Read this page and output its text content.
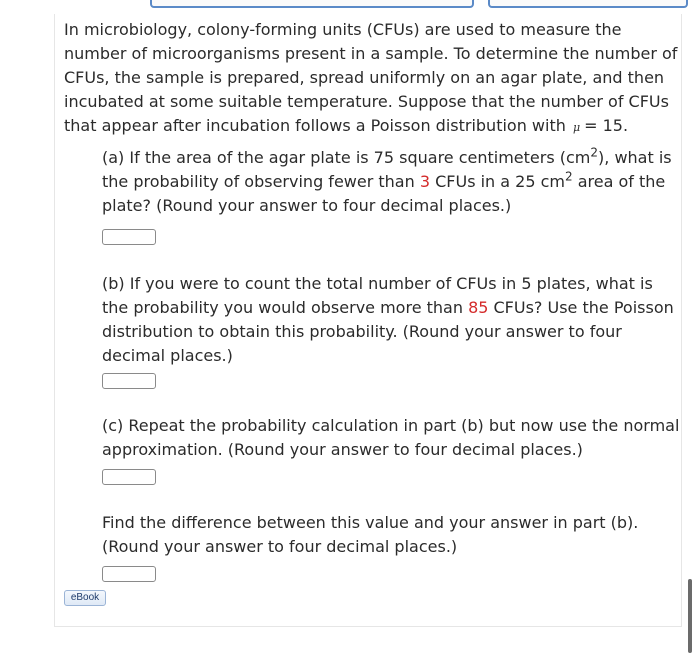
In microbiology, colony-forming units (CFUs) are used to measure the number of microorganisms present in a sample. To determine the number of CFUs, the sample is prepared, spread uniformly on an agar plate, and then incubated at some suitable temperature. Suppose that the number of CFUs that appear after incubation follows a Poisson distribution with μ = 15.
(a) If the area of the agar plate is 75 square centimeters $(cm^2)$, what is the probability of observing fewer than 3 CFUs in a 25 $cm^2$ area of the plate? (Round your answer to four decimal places.)
(b) If you were to count the total number of CFUs in 5 plates, what is the probability you would observe more than 85 CFUs? Use the Poisson distribution to obtain this probability. (Round your answer to four decimal places.)
(c) Repeat the probability calculation in part (b) but now use the normal approximation. (Round your answer to four decimal places.)
Find the difference between this value and your answer in part (b). (Round your answer to four decimal places.)
eBook
